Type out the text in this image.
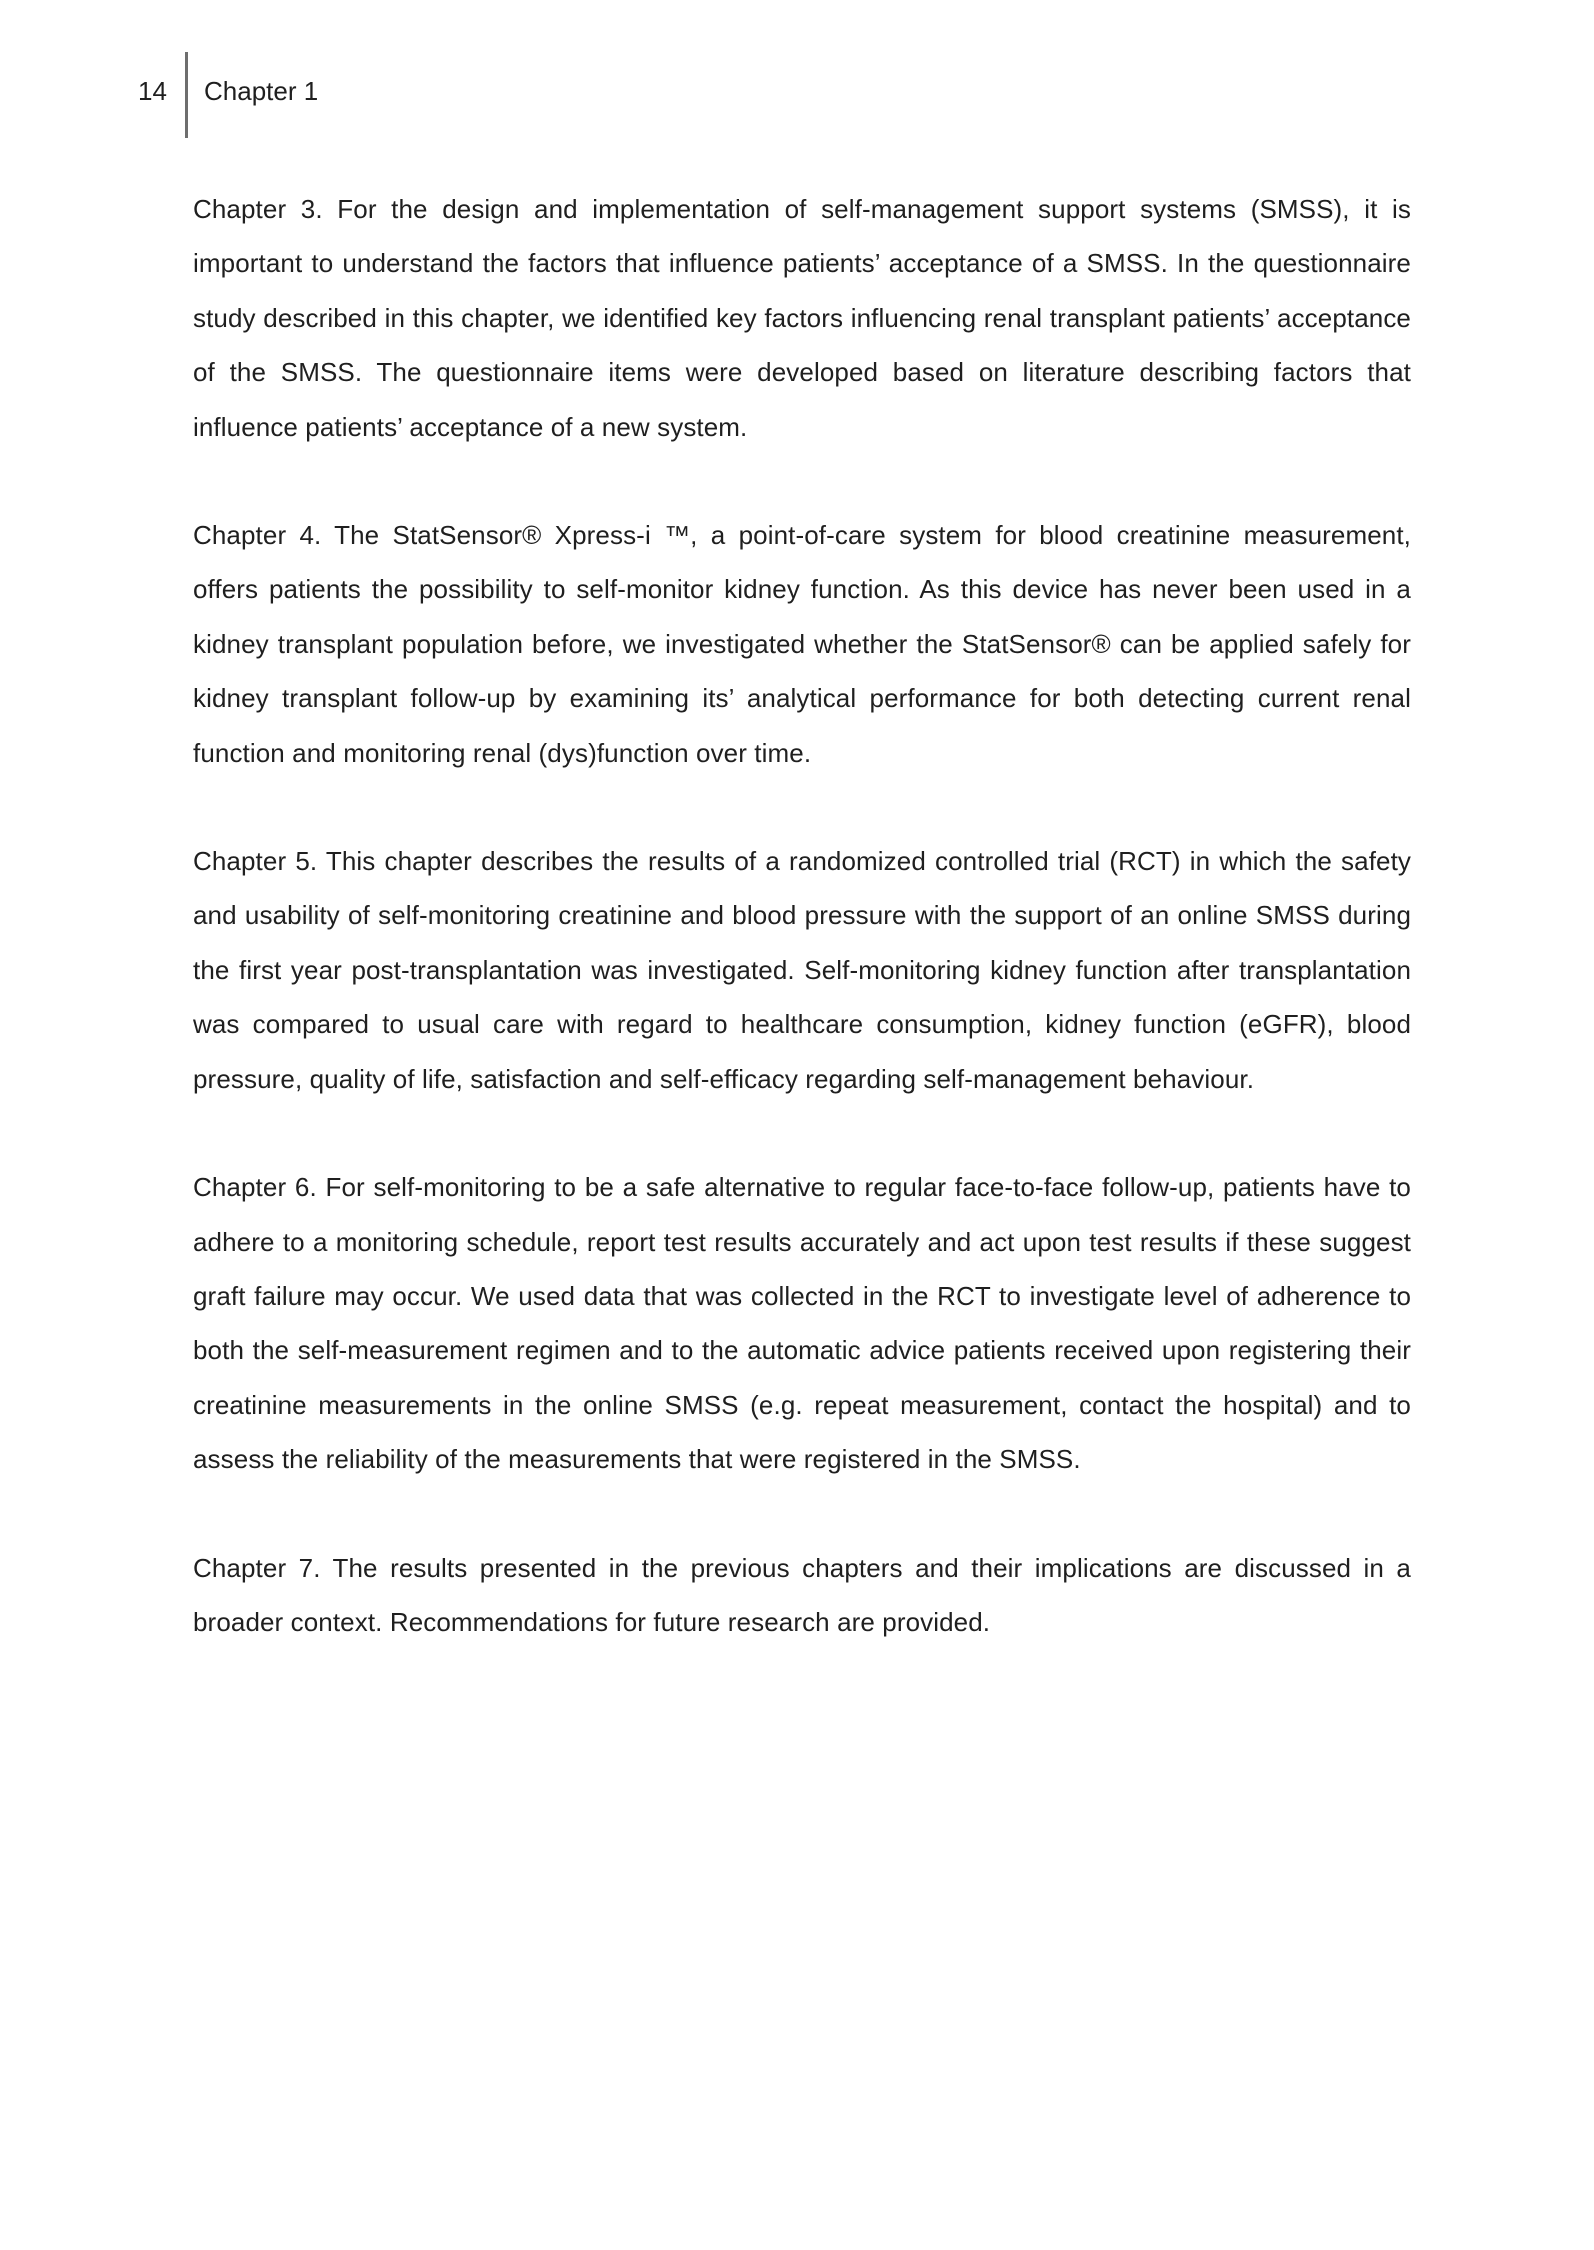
14 Chapter 1

Chapter 3. For the design and implementation of self-management support systems (SMSS), it is important to understand the factors that influence patients’ acceptance of a SMSS. In the questionnaire study described in this chapter, we identified key factors influencing renal transplant patients’ acceptance of the SMSS. The questionnaire items were developed based on literature describing factors that influence patients’ acceptance of a new system.

Chapter 4. The StatSensor® Xpress-i ™, a point-of-care system for blood creatinine measurement, offers patients the possibility to self-monitor kidney function. As this device has never been used in a kidney transplant population before, we investigated whether the StatSensor® can be applied safely for kidney transplant follow-up by examining its’ analytical performance for both detecting current renal function and monitoring renal (dys)function over time.

Chapter 5. This chapter describes the results of a randomized controlled trial (RCT) in which the safety and usability of self-monitoring creatinine and blood pressure with the support of an online SMSS during the first year post-transplantation was investigated. Self-monitoring kidney function after transplantation was compared to usual care with regard to healthcare consumption, kidney function (eGFR), blood pressure, quality of life, satisfaction and self-efficacy regarding self-management behaviour.

Chapter 6. For self-monitoring to be a safe alternative to regular face-to-face follow-up, patients have to adhere to a monitoring schedule, report test results accurately and act upon test results if these suggest graft failure may occur. We used data that was collected in the RCT to investigate level of adherence to both the self-measurement regimen and to the automatic advice patients received upon registering their creatinine measurements in the online SMSS (e.g. repeat measurement, contact the hospital) and to assess the reliability of the measurements that were registered in the SMSS.

Chapter 7. The results presented in the previous chapters and their implications are discussed in a broader context. Recommendations for future research are provided.
